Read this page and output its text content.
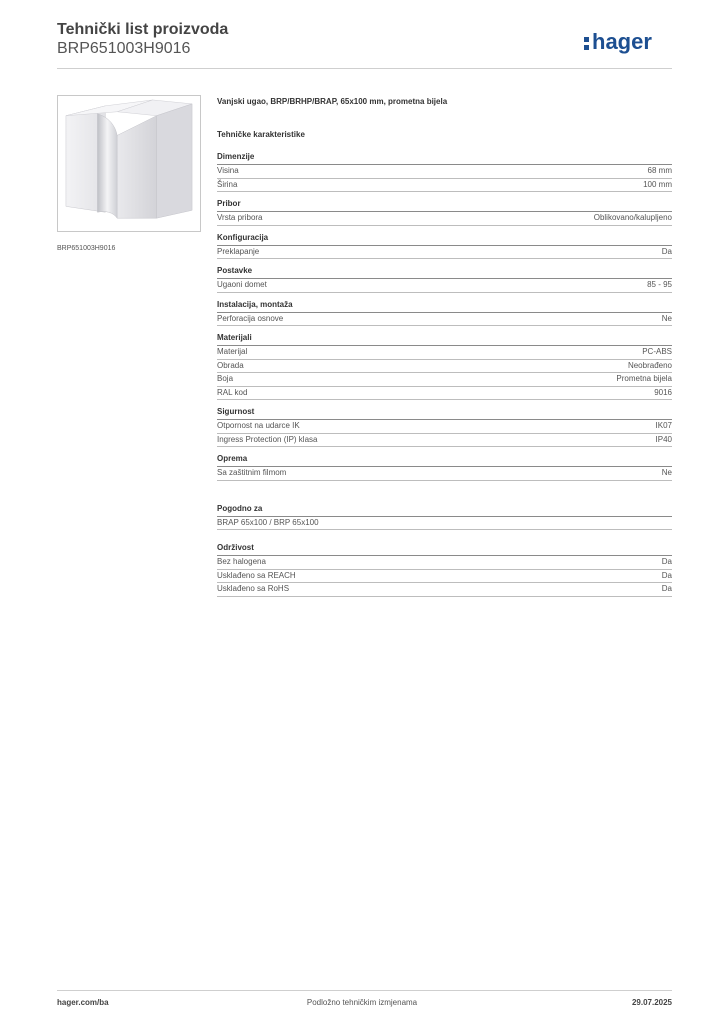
Tehnički list proizvoda
BRP651003H9016	hager
BRP651003H9016
Vanjski ugao, BRP/BRHP/BRAP, 65x100 mm, prometna bijela
Tehničke karakteristike
Dimenzije
Visina	68 mm
Širina	100 mm
Pribor
Vrsta pribora	Oblikovano/kalupljeno
Konfiguracija
Preklapanje	Da
Postavke
Ugaoni domet	85 - 95
Instalacija, montaža
Perforacija osnove	Ne
Materijali
Materijal	PC-ABS
Obrada	Neobrađeno
Boja	Prometna bijela
RAL kod	9016
Sigurnost
Otpornost na udarce IK	IK07
Ingress Protection (IP) klasa	IP40
Oprema
Sa zaštitnim filmom	Ne
Pogodno za
BRAP 65x100 / BRP 65x100
Održivost
Bez halogena	Da
Usklađeno sa REACH	Da
Usklađeno sa RoHS	Da
hager.com/ba	Podložno tehničkim izmjenama	29.07.2025
